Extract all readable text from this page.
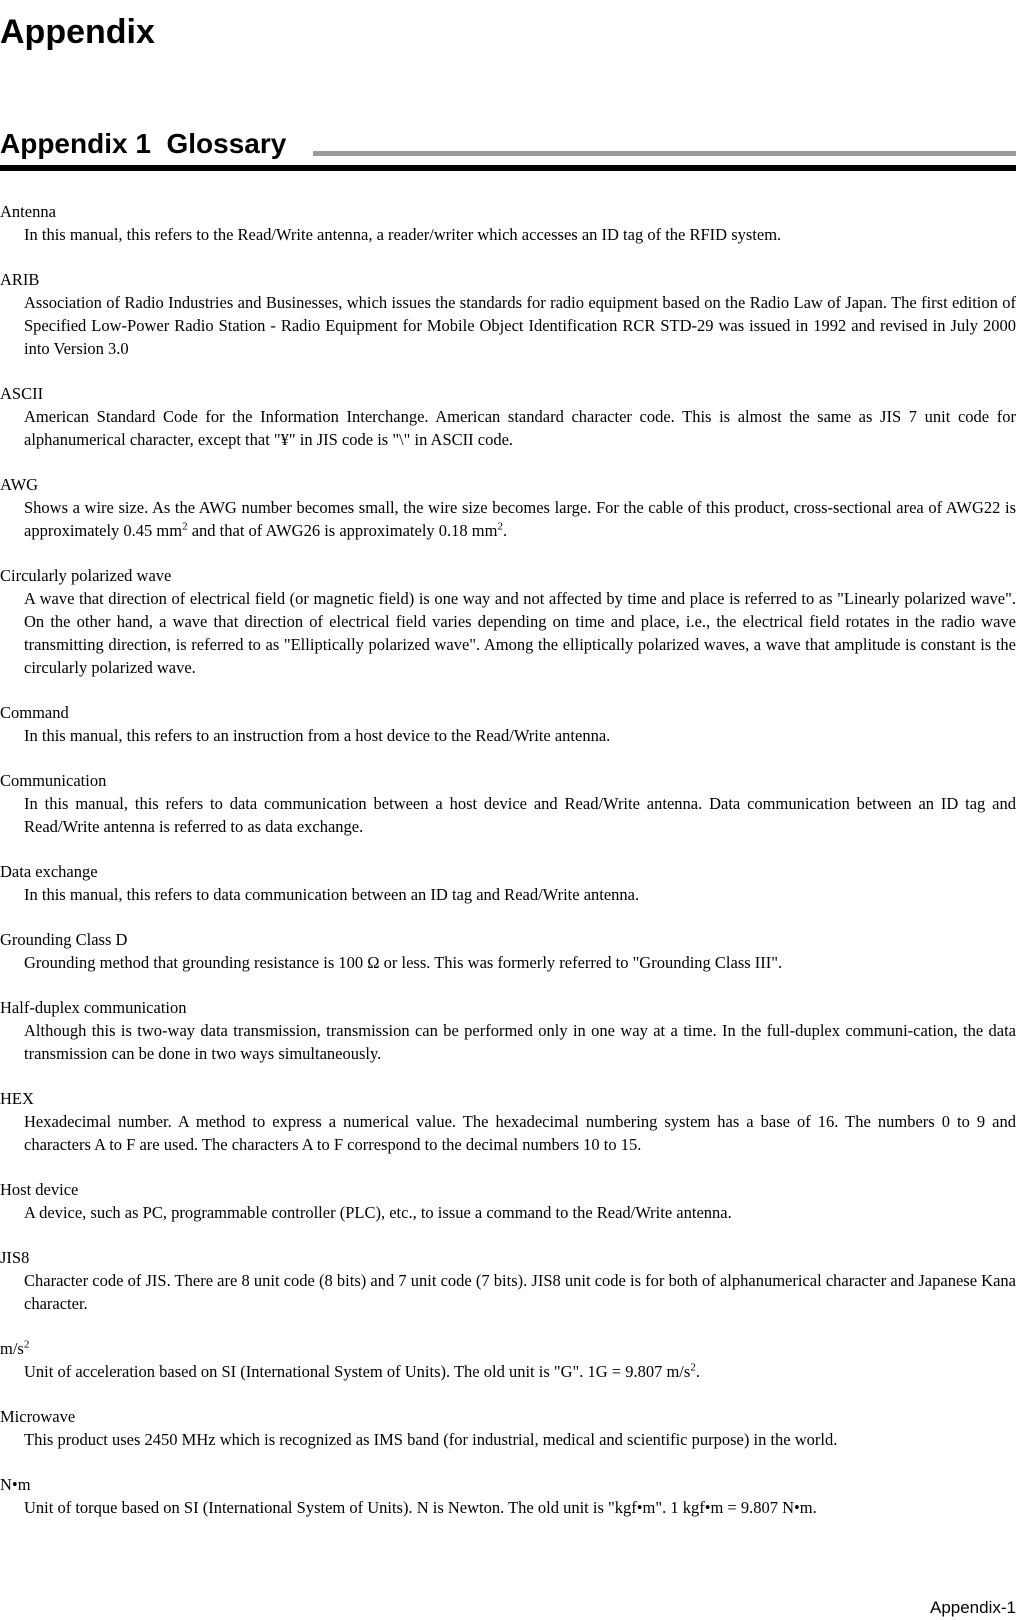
Appendix
Appendix 1  Glossary
Antenna
In this manual, this refers to the Read/Write antenna, a reader/writer which accesses an ID tag of the RFID system.
ARIB
Association of Radio Industries and Businesses, which issues the standards for radio equipment based on the Radio Law of Japan. The first edition of Specified Low-Power Radio Station - Radio Equipment for Mobile Object Identification RCR STD-29 was issued in 1992 and revised in July 2000 into Version 3.0
ASCII
American Standard Code for the Information Interchange. American standard character code. This is almost the same as JIS 7 unit code for alphanumerical character, except that "¥" in JIS code is "\" in ASCII code.
AWG
Shows a wire size. As the AWG number becomes small, the wire size becomes large. For the cable of this product, cross-sectional area of AWG22 is approximately 0.45 $mm^2$ and that of AWG26 is approximately 0.18 $mm^2$.
Circularly polarized wave
A wave that direction of electrical field (or magnetic field) is one way and not affected by time and place is referred to as "Linearly polarized wave". On the other hand, a wave that direction of electrical field varies depending on time and place, i.e., the electrical field rotates in the radio wave transmitting direction, is referred to as "Elliptically polarized wave". Among the elliptically polarized waves, a wave that amplitude is constant is the circularly polarized wave.
Command
In this manual, this refers to an instruction from a host device to the Read/Write antenna.
Communication
In this manual, this refers to data communication between a host device and Read/Write antenna. Data communication between an ID tag and Read/Write antenna is referred to as data exchange.
Data exchange
In this manual, this refers to data communication between an ID tag and Read/Write antenna.
Grounding Class D
Grounding method that grounding resistance is 100 Ω or less. This was formerly referred to "Grounding Class III".
Half-duplex communication
Although this is two-way data transmission, transmission can be performed only in one way at a time. In the full-duplex communi-cation, the data transmission can be done in two ways simultaneously.
HEX
Hexadecimal number. A method to express a numerical value. The hexadecimal numbering system has a base of 16. The numbers 0 to 9 and characters A to F are used. The characters A to F correspond to the decimal numbers 10 to 15.
Host device
A device, such as PC, programmable controller (PLC), etc., to issue a command to the Read/Write antenna.
JIS8
Character code of JIS. There are 8 unit code (8 bits) and 7 unit code (7 bits). JIS8 unit code is for both of alphanumerical character and Japanese Kana character.
$m/s^2$
Unit of acceleration based on SI (International System of Units). The old unit is "G". 1G = 9.807 $m/s^2$.
Microwave
This product uses 2450 MHz which is recognized as IMS band (for industrial, medical and scientific purpose) in the world.
N•m
Unit of torque based on SI (International System of Units). N is Newton. The old unit is "kgf•m". 1 kgf•m = 9.807 N•m.
Appendix-1
